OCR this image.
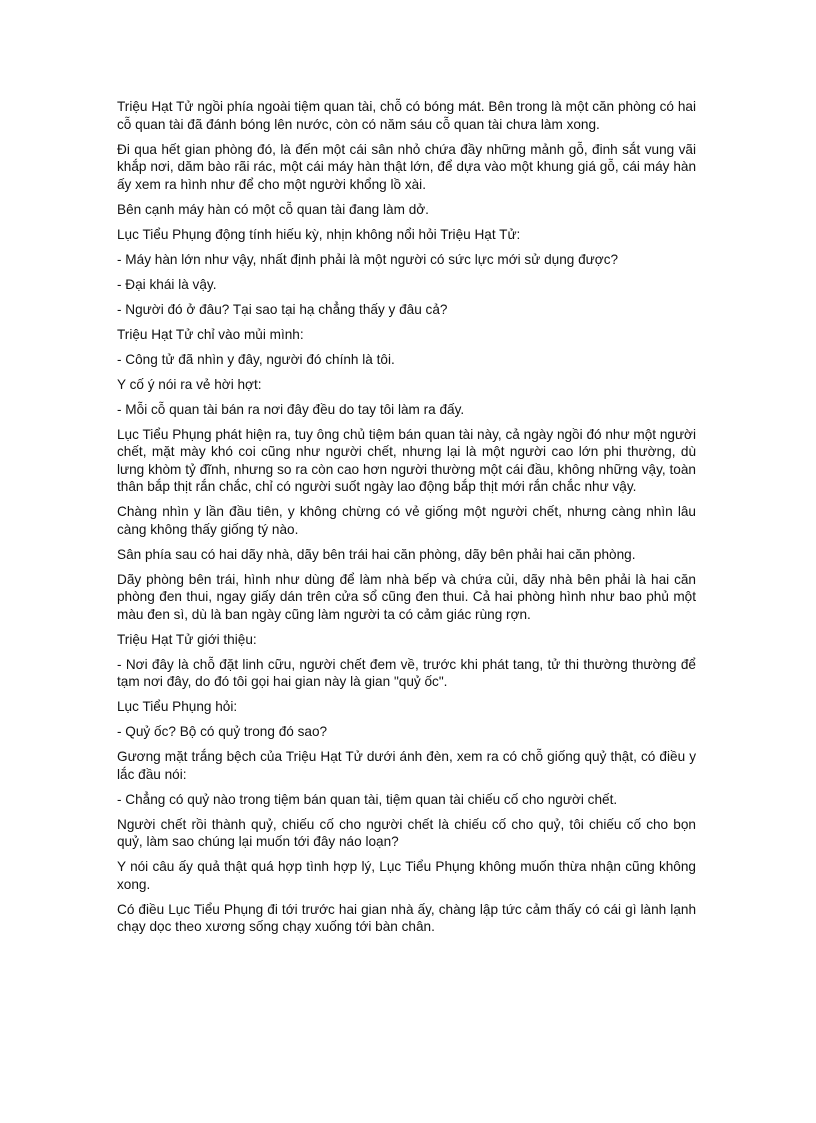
Triệu Hạt Tử ngồi phía ngoài tiệm quan tài, chỗ có bóng mát. Bên trong là một căn phòng có hai cỗ quan tài đã đánh bóng lên nước, còn có năm sáu cỗ quan tài chưa làm xong.

Đi qua hết gian phòng đó, là đến một cái sân nhỏ chứa đầy những mảnh gỗ, đinh sắt vung vãi khắp nơi, dăm bào rãi rác, một cái máy hàn thật lớn, để dựa vào một khung giá gỗ, cái máy hàn ấy xem ra hình như để cho một người khổng lồ xài.

Bên cạnh máy hàn có một cỗ quan tài đang làm dở.

Lục Tiểu Phụng động tính hiếu kỳ, nhịn không nổi hỏi Triệu Hạt Tử:

- Máy hàn lớn như vậy, nhất định phải là một người có sức lực mới sử dụng được?

- Đại khái là vậy.

- Người đó ở đâu? Tại sao tại hạ chẳng thấy y đâu cả?

Triệu Hạt Tử chỉ vào mủi mình:

- Công tử đã nhìn y đây, người đó chính là tôi.

Y cố ý nói ra vẻ hời hợt:

- Mỗi cỗ quan tài bán ra nơi đây đều do tay tôi làm ra đấy.

Lục Tiểu Phụng phát hiện ra, tuy ông chủ tiệm bán quan tài này, cả ngày ngồi đó như một người chết, mặt mày khó coi cũng như người chết, nhưng lại là một người cao lớn phi thường, dù lưng khòm tỷ đĩnh, nhưng so ra còn cao hơn người thường một cái đầu, không những vậy, toàn thân bắp thịt rắn chắc, chỉ có người suốt ngày lao động bắp thịt mới rắn chắc như vậy.

Chàng nhìn y lần đầu tiên, y không chừng có vẻ giống một người chết, nhưng càng nhìn lâu càng không thấy giống tý nào.

Sân phía sau có hai dãy nhà, dãy bên trái hai căn phòng, dãy bên phải hai căn phòng.

Dãy phòng bên trái, hình như dùng để làm nhà bếp và chứa củi, dãy nhà bên phải là hai căn phòng đen thui, ngay giấy dán trên cửa sổ cũng đen thui. Cả hai phòng hình như bao phủ một màu đen sì, dù là ban ngày cũng làm người ta có cảm giác rùng rợn.

Triệu Hạt Tử giới thiệu:

- Nơi đây là chỗ đặt linh cữu, người chết đem về, trước khi phát tang, tử thi thường thường để tạm nơi đây, do đó tôi gọi hai gian này là gian "quỷ ốc".

Lục Tiểu Phụng hỏi:

- Quỷ ốc? Bộ có quỷ trong đó sao?

Gương mặt trắng bệch của Triệu Hạt Tử dưới ánh đèn, xem ra có chỗ giống quỷ thật, có điều y lắc đầu nói:

- Chẳng có quỷ nào trong tiệm bán quan tài, tiệm quan tài chiếu cố cho người chết.

Người chết rồi thành quỷ, chiếu cố cho người chết là chiếu cố cho quỷ, tôi chiếu cố cho bọn quỷ, làm sao chúng lại muốn tới đây náo loạn?

Y nói câu ấy quả thật quá hợp tình hợp lý, Lục Tiểu Phụng không muốn thừa nhận cũng không xong.

Có điều Lục Tiểu Phụng đi tới trước hai gian nhà ấy, chàng lập tức cảm thấy có cái gì lành lạnh chạy dọc theo xương sống chạy xuống tới bàn chân.
